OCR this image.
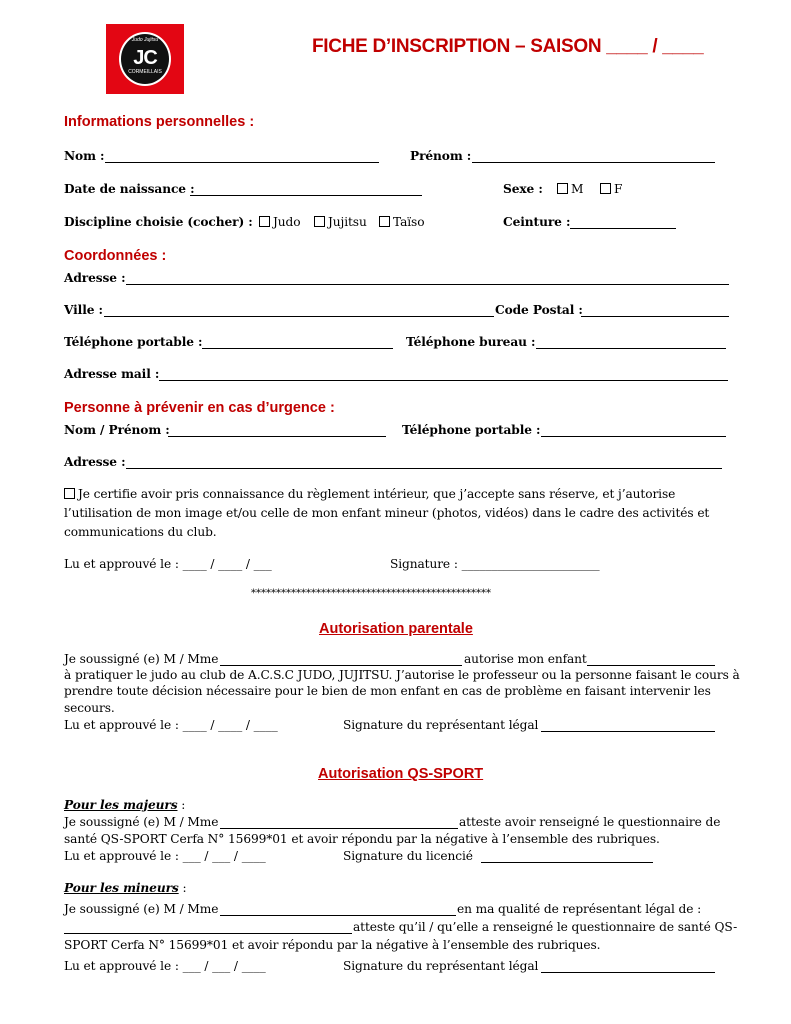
Judo Jujitsu
JC
CORMEILLAIS
FICHE D’INSCRIPTION – SAISON ____ / ____
Informations personnelles :
Nom :	Prénom :
Date de naissance :	Sexe :	M	F
Discipline choisie (cocher) :	Judo	Jujitsu	Taïso	Ceinture :
Coordonnées :
Adresse :
Ville :	Code Postal :
Téléphone portable :	Téléphone bureau :
Adresse mail :
Personne à prévenir en cas d’urgence :
Nom / Prénom :	Téléphone portable :
Adresse :
Je certifie avoir pris connaissance du règlement intérieur, que j’accepte sans réserve, et j’autorise
l’utilisation de mon image et/ou celle de mon enfant mineur (photos, vidéos) dans le cadre des activités et
communications du club.
Lu et approuvé le : ____ / ____ / ___	Signature : _______________________
************************************************
Autorisation parentale
Je soussigné (e) M / Mme	autorise mon enfant
à pratiquer le judo au club de A.C.S.C JUDO, JUJITSU. J’autorise le professeur ou la personne faisant le cours à
prendre toute décision nécessaire pour le bien de mon enfant en cas de problème en faisant intervenir les
secours.
Lu et approuvé le : ____ / ____ / ____	Signature du représentant légal
Autorisation QS-SPORT
Pour les majeurs :
Je soussigné (e) M / Mme	atteste avoir renseigné le questionnaire de
santé QS-SPORT Cerfa N° 15699*01 et avoir répondu par la négative à l’ensemble des rubriques.
Lu et approuvé le : ___ / ___ / ____	Signature du licencié
Pour les mineurs :
Je soussigné (e) M / Mme	en ma qualité de représentant légal de :
atteste qu’il / qu’elle a renseigné le questionnaire de santé QS-
SPORT Cerfa N° 15699*01 et avoir répondu par la négative à l’ensemble des rubriques.
Lu et approuvé le : ___ / ___ / ____	Signature du représentant légal
